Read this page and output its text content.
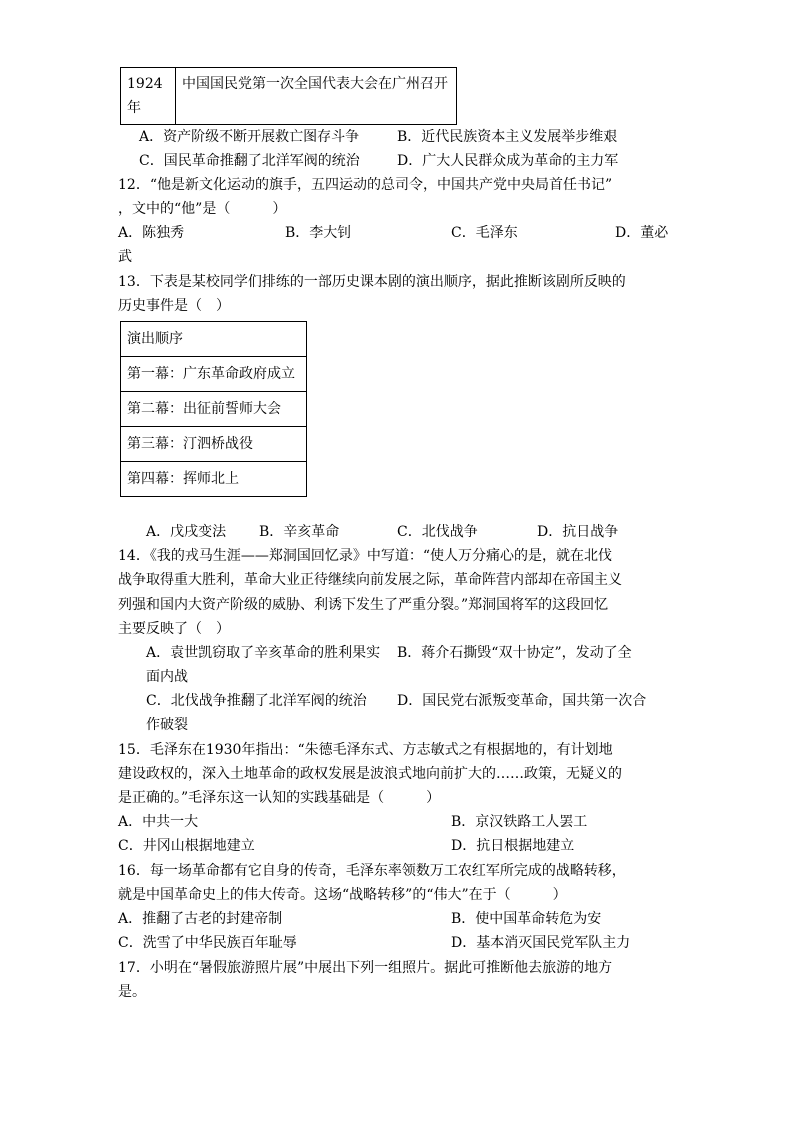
1924年	中国国民党第一次全国代表大会在广州召开
A．资产阶级不断开展救亡图存斗争	B．近代民族资本主义发展举步维艰
C．国民革命推翻了北洋军阀的统治	D．广大人民群众成为革命的主力军
12．“他是新文化运动的旗手，五四运动的总司令，中国共产党中央局首任书记”
，文中的“他”是（　　　）
A．陈独秀	B．李大钊	C．毛泽东	D．董必
武
13．下表是某校同学们排练的一部历史课本剧的演出顺序，据此推断该剧所反映的
历史事件是（　）
演出顺序
第一幕：广东革命政府成立
第二幕：出征前誓师大会
第三幕：汀泗桥战役
第四幕：挥师北上
A．戊戌变法 B．辛亥革命	C．北伐战争	D．抗日战争
14．《我的戎马生涯——郑洞国回忆录》中写道：“使人万分痛心的是，就在北伐
战争取得重大胜利，革命大业正待继续向前发展之际，革命阵营内部却在帝国主义
列强和国内大资产阶级的威胁、利诱下发生了严重分裂。”郑洞国将军的这段回忆
主要反映了（　）
A．袁世凯窃取了辛亥革命的胜利果实 B．蒋介石撕毁“双十协定”，发动了全
面内战
C．北伐战争推翻了北洋军阀的统治 D．国民党右派叛变革命，国共第一次合
作破裂
15．毛泽东在1930年指出：“朱德毛泽东式、方志敏式之有根据地的，有计划地
建设政权的，深入土地革命的政权发展是波浪式地向前扩大的……政策，无疑义的
是正确的。”毛泽东这一认知的实践基础是（　　　）
A．中共一大	B．京汉铁路工人罢工
C．井冈山根据地建立	D．抗日根据地建立
16．每一场革命都有它自身的传奇，毛泽东率领数万工农红军所完成的战略转移，
就是中国革命史上的伟大传奇。这场“战略转移”的“伟大”在于（　　　）
A．推翻了古老的封建帝制	B．使中国革命转危为安
C．洗雪了中华民族百年耻辱	D．基本消灭国民党军队主力
17．小明在“暑假旅游照片展”中展出下列一组照片。据此可推断他去旅游的地方
是。
